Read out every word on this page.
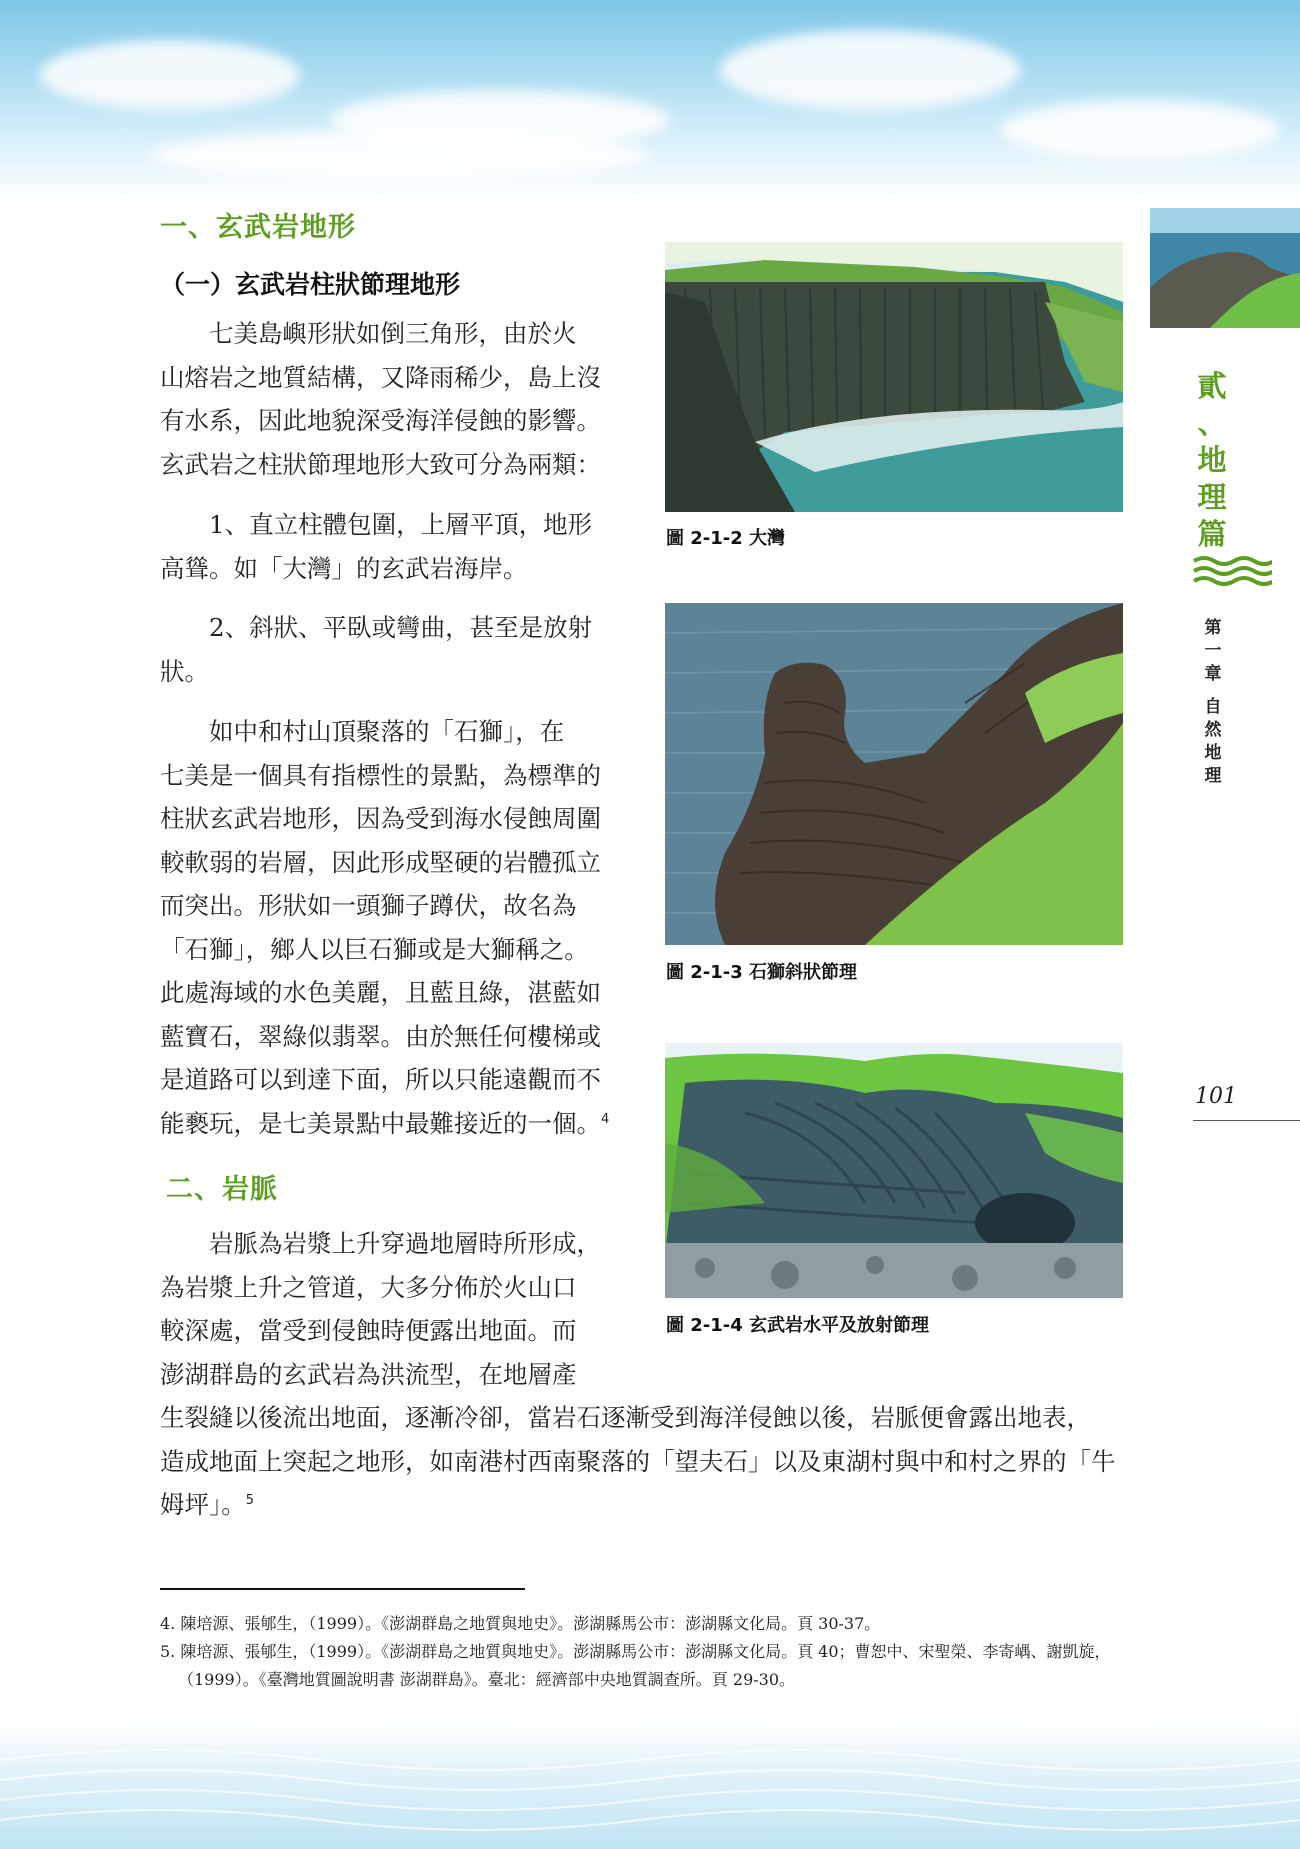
一、玄武岩地形
（一）玄武岩柱狀節理地形
七美島嶼形狀如倒三角形，由於火
山熔岩之地質結構，又降雨稀少，島上沒
有水系，因此地貌深受海洋侵蝕的影響。
玄武岩之柱狀節理地形大致可分為兩類：
1、直立柱體包圍，上層平頂，地形
高聳。如「大灣」的玄武岩海岸。
2、斜狀、平臥或彎曲，甚至是放射
狀。
如中和村山頂聚落的「石獅」，在
七美是一個具有指標性的景點，為標準的
柱狀玄武岩地形，因為受到海水侵蝕周圍
較軟弱的岩層，因此形成堅硬的岩體孤立
而突出。形狀如一頭獅子蹲伏，故名為
「石獅」，鄉人以巨石獅或是大獅稱之。
此處海域的水色美麗，且藍且綠，湛藍如
藍寶石，翠綠似翡翠。由於無任何樓梯或
是道路可以到達下面，所以只能遠觀而不
能褻玩，是七美景點中最難接近的一個。$^4$
二、岩脈
岩脈為岩漿上升穿過地層時所形成，
為岩漿上升之管道，大多分佈於火山口
較深處，當受到侵蝕時便露出地面。而
澎湖群島的玄武岩為洪流型，在地層產
生裂縫以後流出地面，逐漸冷卻，當岩石逐漸受到海洋侵蝕以後，岩脈便會露出地表，
造成地面上突起之地形，如南港村西南聚落的「望夫石」以及東湖村與中和村之界的「牛
姆坪」。$^5$
圖 2-1-2 大灣
圖 2-1-3 石獅斜狀節理
圖 2-1-4 玄武岩水平及放射節理
貳
、
地
理
篇
第
一
章
自
然
地
理
101
4. 陳培源、張郇生，（1999）。《澎湖群島之地質與地史》。澎湖縣馬公市：澎湖縣文化局。頁 30-37。
5. 陳培源、張郇生，（1999）。《澎湖群島之地質與地史》。澎湖縣馬公市：澎湖縣文化局。頁 40；曹恕中、宋聖榮、李寄嵎、謝凱旋，（1999）。《臺灣地質圖說明書 澎湖群島》。臺北：經濟部中央地質調查所。頁 29-30。
